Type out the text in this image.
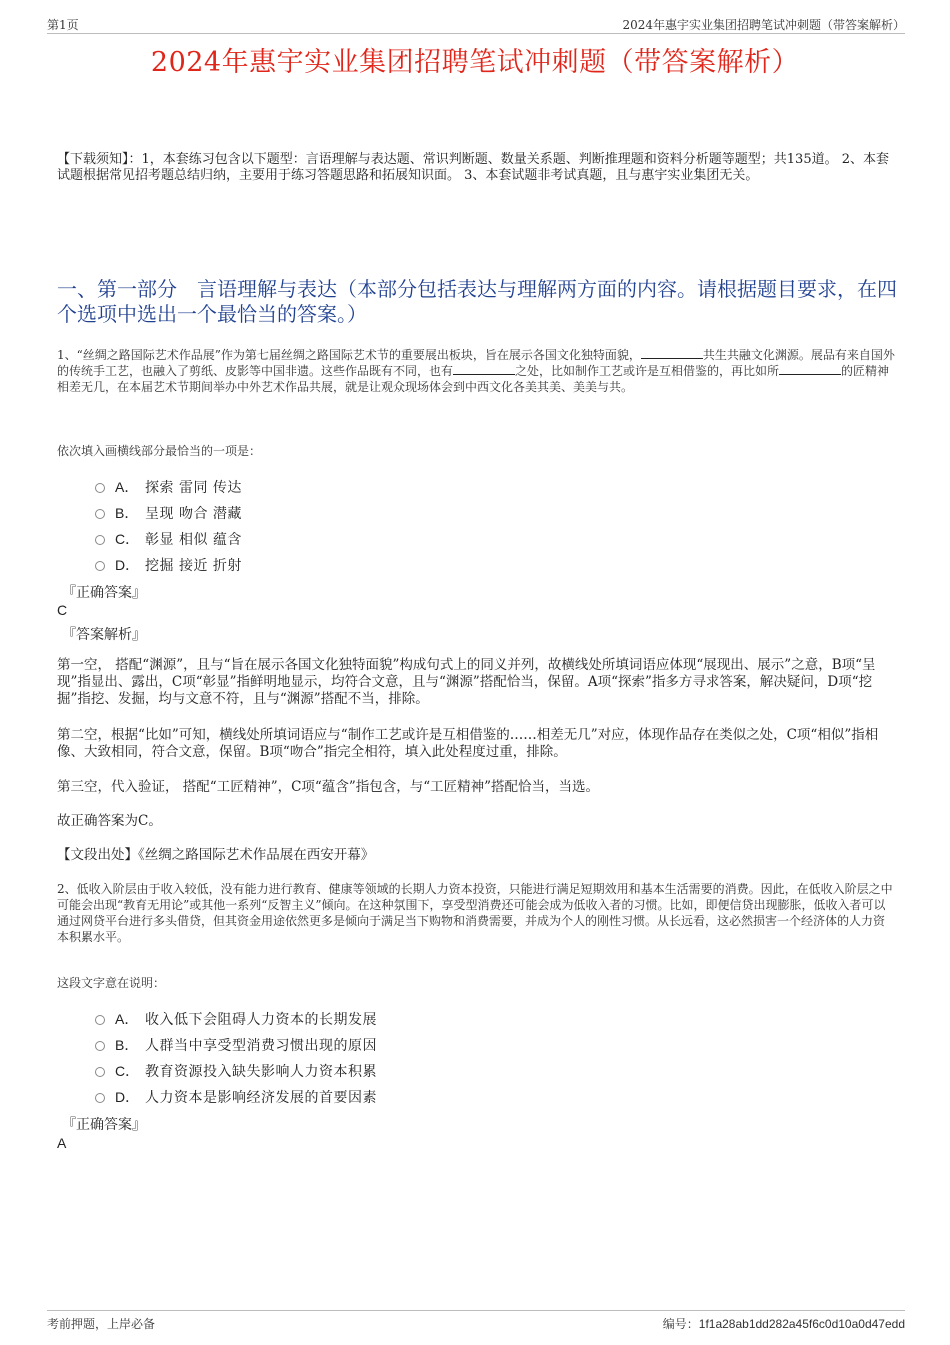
第1页	2024年惠宇实业集团招聘笔试冲刺题（带答案解析）
2024年惠宇实业集团招聘笔试冲刺题（带答案解析）
【下载须知】：1，本套练习包含以下题型：言语理解与表达题、常识判断题、数量关系题、判断推理题和资料分析题等题型；共135道。 2、本套试题根据常见招考题总结归纳，主要用于练习答题思路和拓展知识面。 3、本套试题非考试真题，且与惠宇实业集团无关。
一、第一部分　言语理解与表达（本部分包括表达与理解两方面的内容。请根据题目要求，在四个选项中选出一个最恰当的答案。）
1、“丝绸之路国际艺术作品展”作为第七届丝绸之路国际艺术节的重要展出板块，旨在展示各国文化独特面貌，	共生共融文化渊源。展品有来自国外的传统手工艺，也融入了剪纸、皮影等中国非遗。这些作品既有不同，也有	之处，比如制作工艺或许是互相借鉴的，再比如所	的匠精神相差无几，在本届艺术节期间举办中外艺术作品共展，就是让观众现场体会到中西文化各美其美、美美与共。
依次填入画横线部分最恰当的一项是：
A． 探索 雷同 传达
B． 呈现 吻合 潜藏
C． 彰显 相似 蕴含
D． 挖掘 接近 折射
『正确答案』
C
『答案解析』
第一空， 搭配“渊源”，且与“旨在展示各国文化独特面貌”构成句式上的同义并列，故横线处所填词语应体现“展现出、展示”之意，B项“呈现”指显出、露出，C项“彰显”指鲜明地显示，均符合文意，且与“渊源”搭配恰当，保留。A项“探索”指多方寻求答案，解决疑问，D项“挖掘”指挖、发掘，均与文意不符，且与“渊源”搭配不当，排除。
第二空，根据“比如”可知，横线处所填词语应与“制作工艺或许是互相借鉴的……相差无几”对应，体现作品存在类似之处，C项“相似”指相像、大致相同，符合文意，保留。B项“吻合”指完全相符，填入此处程度过重，排除。
第三空，代入验证， 搭配“工匠精神”，C项“蕴含”指包含，与“工匠精神”搭配恰当，当选。
故正确答案为C。
【文段出处】《丝绸之路国际艺术作品展在西安开幕》
2、低收入阶层由于收入较低，没有能力进行教育、健康等领域的长期人力资本投资，只能进行满足短期效用和基本生活需要的消费。因此，在低收入阶层之中可能会出现“教育无用论”或其他一系列“反智主义”倾向。在这种氛围下，享受型消费还可能会成为低收入者的习惯。比如，即便信贷出现膨胀，低收入者可以通过网贷平台进行多头借贷，但其资金用途依然更多是倾向于满足当下购物和消费需要，并成为个人的刚性习惯。从长远看，这必然损害一个经济体的人力资本积累水平。
这段文字意在说明：
A． 收入低下会阻碍人力资本的长期发展
B． 人群当中享受型消费习惯出现的原因
C． 教育资源投入缺失影响人力资本积累
D． 人力资本是影响经济发展的首要因素
『正确答案』
A
考前押题，上岸必备	编号：1f1a28ab1dd282a45f6c0d10a0d47edd
